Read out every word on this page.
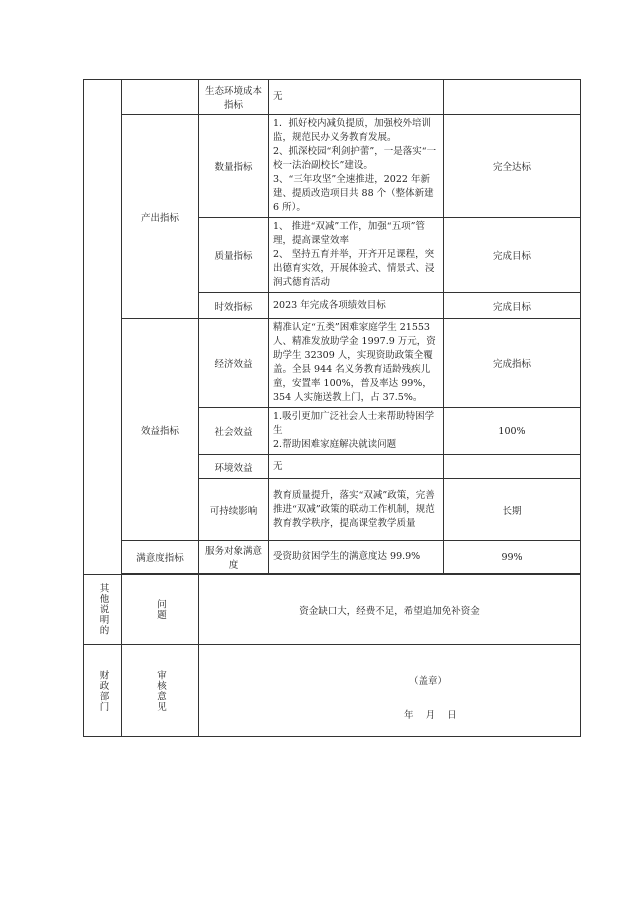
		生态环境成本
指标	无	
	产出指标	数量指标	1．抓好校内减负提质，加强校外培训监，规范民办义务教育发展。
2、抓深校园“利剑护蕾”，一是落实“一校一法治副校长”建设。
3、“三年攻坚”全速推进，2022 年新建、提质改造项目共 88 个（整体新建 6 所）。	完全达标
		质量指标	1、 推进“双减”工作，加强“五项”管理，提高课堂效率
2、 坚持五育并举，开齐开足课程，突出德育实效，开展体验式、情景式、浸润式德育活动	完成目标
		时效指标	2023 年完成各项绩效目标	完成目标
	效益指标	经济效益	精准认定“五类”困难家庭学生 21553 人、精准发放助学金 1997.9 万元，资助学生 32309 人，实现资助政策全覆盖。全县 944 名义务教育适龄残疾儿童，安置率 100%，普及率达 99%，354 人实施送教上门，占 37.5%。	完成指标
		社会效益	1.吸引更加广泛社会人士来帮助特困学生
2.帮助困难家庭解决就读问题	100%
		环境效益	无	
		可持续影响	教育质量提升，落实“双减”政策，完善推进“双减”政策的联动工作机制，规范教育教学秩序，提高课堂教学质量	长期
	满意度指标	服务对象满意
度	受资助贫困学生的满意度达 99.9%	99%

其他说明的	问题	资金缺口大，经费不足，希望追加免补资金		
财政部门	审核意见	（盖章）
年    月    日		
